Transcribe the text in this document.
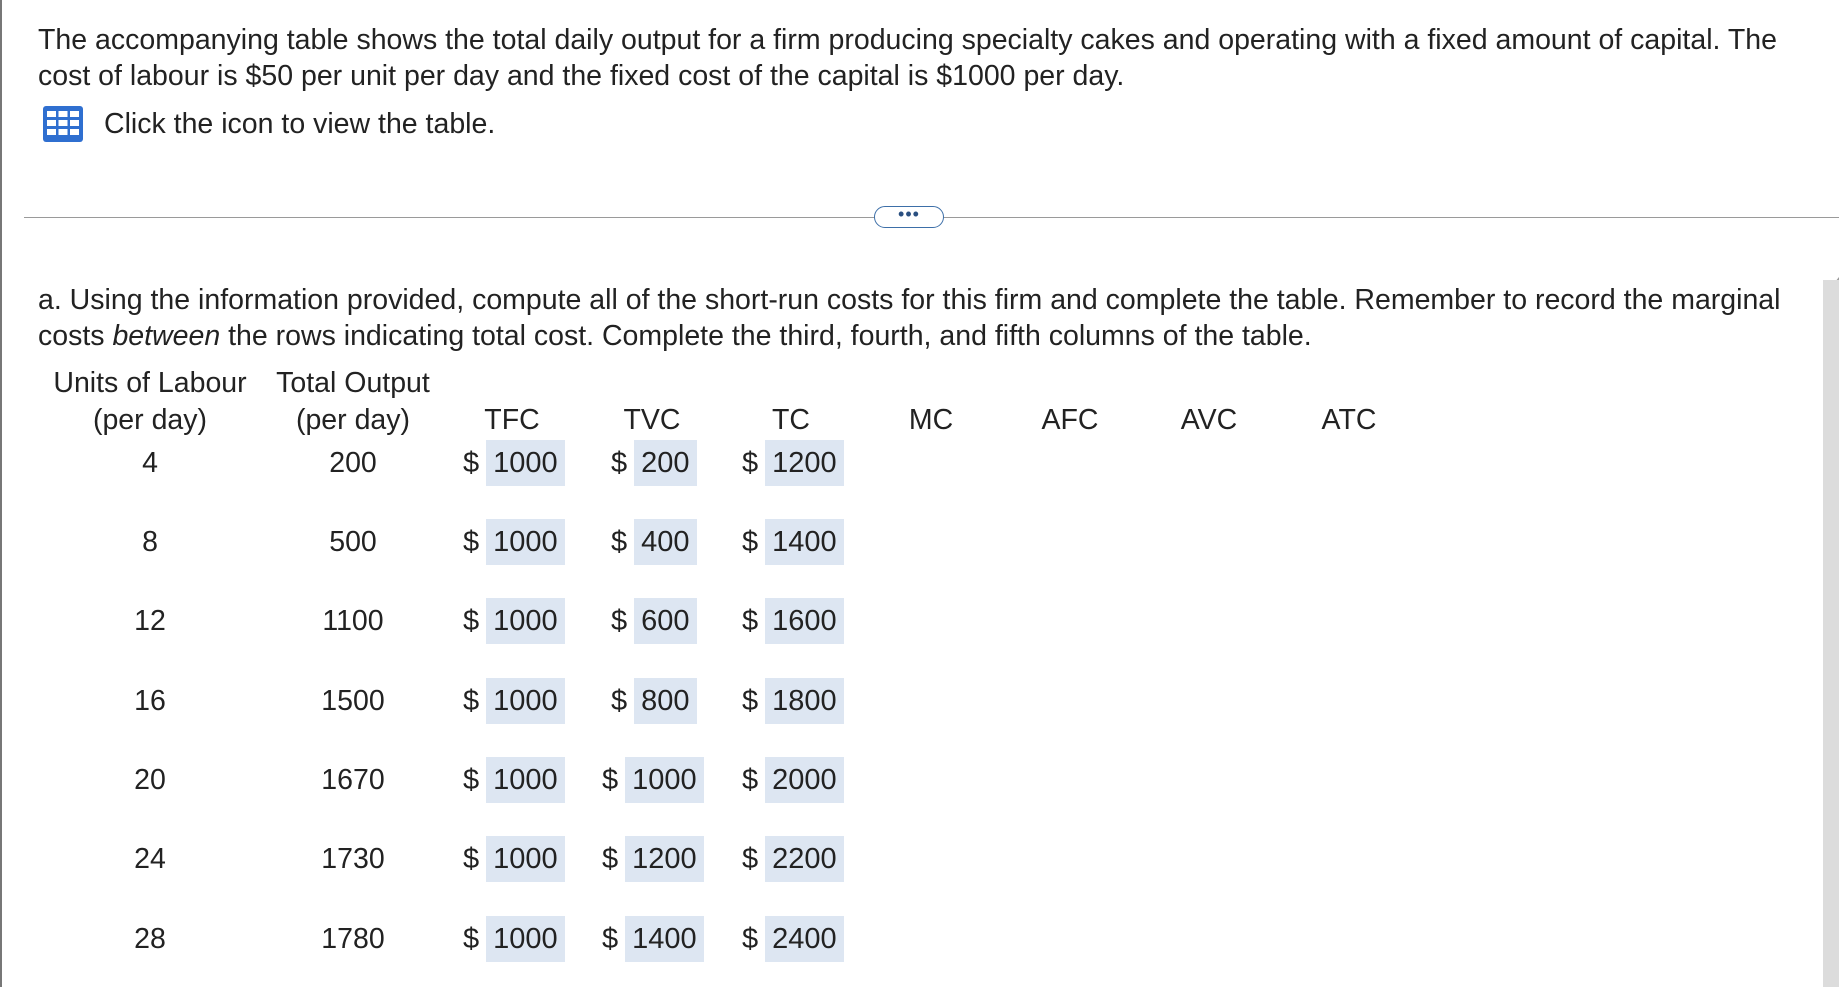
The accompanying table shows the total daily output for a firm producing specialty cakes and operating with a fixed amount of capital. The cost of labour is $50 per unit per day and the fixed cost of the capital is $1000 per day.

Click the icon to view the table.
•••

a. Using the information provided, compute all of the short-run costs for this firm and complete the table. Remember to record the marginal costs between the rows indicating total cost. Complete the third, fourth, and fifth columns of the table.

Units of Labour
(per day)
Total Output
(per day)	TFC	TVC	TC	MC	AFC	AVC	ATC
4	200	$ 1000 $ 200 $ 1200
8	500	$ 1000 $ 400 $ 1400
12	1100	$ 1000 $ 600 $ 1600
16	1500	$ 1000 $ 800 $ 1800
20	1670	$ 1000 $ 1000 $ 2000
24	1730	$ 1000 $ 1200 $ 2200
28	1780	$ 1000 $ 1400 $ 2400
